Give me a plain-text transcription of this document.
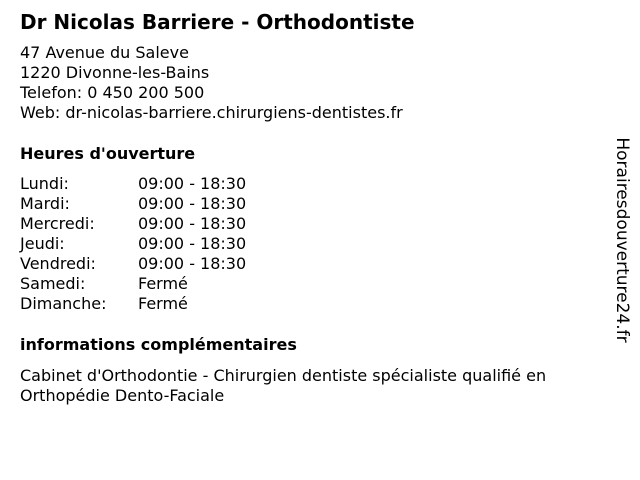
Dr Nicolas Barriere - Orthodontiste
47 Avenue du Saleve
1220 Divonne-les-Bains
Telefon: 0 450 200 500
Web: dr-nicolas-barriere.chirurgiens-dentistes.fr
Heures d'ouverture
Lundi:	09:00 - 18:30
Mardi:	09:00 - 18:30
Mercredi:	09:00 - 18:30
Jeudi:	09:00 - 18:30
Vendredi:	09:00 - 18:30
Samedi:	Fermé
Dimanche:	Fermé
informations complémentaires
Cabinet d'Orthodontie - Chirurgien dentiste spécialiste qualifié en Orthopédie Dento-Faciale
Horairesdouverture24.fr
